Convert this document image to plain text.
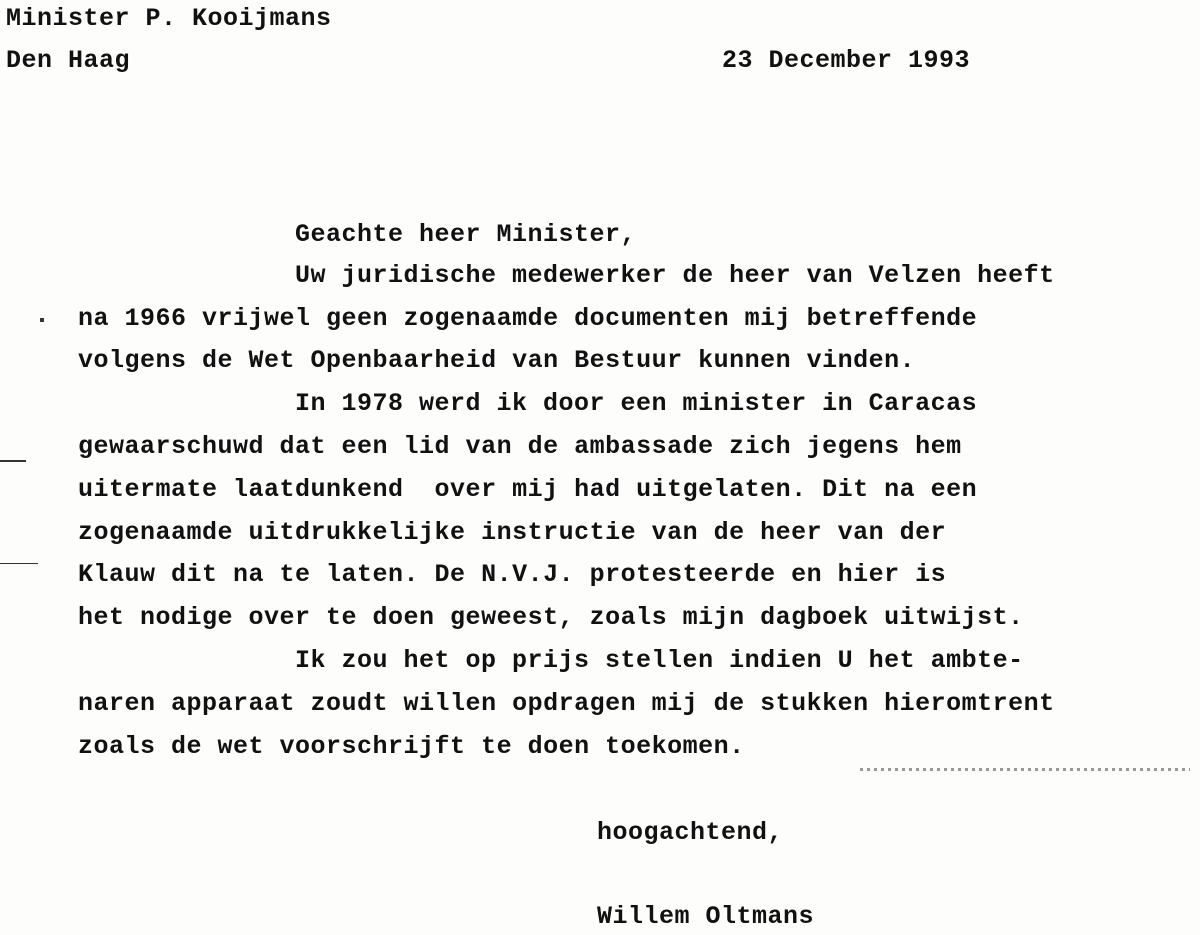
Minister P. Kooijmans
Den Haag	23 December 1993
Geachte heer Minister,
Uw juridische medewerker de heer van Velzen heeft
na 1966 vrijwel geen zogenaamde documenten mij betreffende
volgens de Wet Openbaarheid van Bestuur kunnen vinden.
In 1978 werd ik door een minister in Caracas
gewaarschuwd dat een lid van de ambassade zich jegens hem
uitermate laatdunkend  over mij had uitgelaten. Dit na een
zogenaamde uitdrukkelijke instructie van de heer van der
Klauw dit na te laten. De N.V.J. protesteerde en hier is
het nodige over te doen geweest, zoals mijn dagboek uitwijst.
Ik zou het op prijs stellen indien U het ambte-
naren apparaat zoudt willen opdragen mij de stukken hieromtrent
zoals de wet voorschrijft te doen toekomen.
hoogachtend,
Willem Oltmans
